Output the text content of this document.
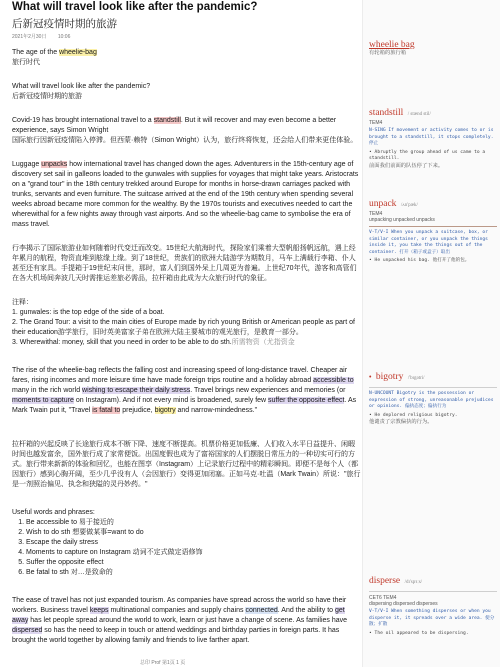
What will travel look like after the pandemic?
后新冠疫情时期的旅游
2021年2月30日 10:06
The age of the wheelie-bag
旅行时代
What will travel look like after the pandemic?
后新冠疫情时期的旅游
Covid-19 has brought international travel to a standstill. But it will recover and may even become a better experience, says Simon Wright
国际旅行因新冠疫情陷入停滞。但西蒙·赖特（Simon Wright）认为，旅行终将恢复，还会给人们带来更佳体验。
Luggage unpacks how international travel has changed down the ages. Adventurers in the 15th-century age of discovery set sail in galleons loaded to the gunwales with supplies for voyages that might take years. Aristocrats on a "grand tour" in the 18th century trekked around Europe for months in horse-drawn carriages packed with trunks, servants and even furniture. The suitcase arrived at the end of the 19th century when spending several weeks abroad became more common for the wealthy. By the 1970s tourists and executives needed to cart the wherewithal for a few nights away through vast airports. And so the wheelie-bag came to symbolise the era of mass travel.
行李揭示了国际旅游业如何随着时代变迁而改变。15世纪大航海时代，探险家们乘着大型帆船扬帆远航，遇上经年累月的航程，物资直堆到舷缘上缘。到了18世纪，贵族们的欧洲大陆游学为期数月，马车上满载行李箱、仆人甚至还有家具。手提箱于19世纪末问世，那时，富人们到国外呆上几周更为普遍。上世纪70年代，游客和高管们在各大机场间奔波几天时需推运差旅必需品，拉杆箱由此成为大众旅行时代的象征。
注释：
1. gunwales: is the top edge of the side of a boat.
2. The Grand Tour: a visit to the main cities of Europe made by rich young British or American people as part of their education游学旅行，旧时英美富家子弟在欧洲大陆主要城市的观光旅行，是教育一部分。
3. Wherewithal: money, skill that you need in order to be able to do sth.所需物资（尤指资金
The rise of the wheelie-bag reflects the falling cost and increasing speed of long-distance travel. Cheaper air fares, rising incomes and more leisure time have made foreign trips routine and a holiday abroad accessible to many in the rich world wishing to escape their daily stress. Travel brings new experiences and memories (or moments to capture on Instagram). And if not every mind is broadened, surely few suffer the opposite effect. As Mark Twain put it, "Travel is fatal to prejudice, bigotry and narrow-mindedness."
拉杆箱的兴起反映了长途旅行成本不断下降、速度不断提高。机票价格更加低廉、人们收入水平日益提升、闲暇时间也越发富余，国外旅行成了家常便饭。出国度假也成为了富裕国家的人们摆脱日常压力的一种切实可行的方式。旅行带来新新的体验和回忆，也能在图享（Instagram）上记录旅行过程中的精彩瞬间。即便不是每个人（都因旅行）感到心胸开阔，至少几乎没有人（会因旅行）变得更加闭塞。正如马克·吐温（Mark Twain）所说："旅行是一剂照治偏见、执念和狭隘的灵丹妙药。"
Useful words and phrases:
1. Be accessible to 易于接近的
2. Wish to do sth 想要做某事=want to do
3. Escape the daily stress
4. Moments to capture on Instagram 动词不定式做定语修饰
5. Suffer the opposite effect
6. Be fatal to sth 对…是致命的
The ease of travel has not just expanded tourism. As companies have spread across the world so have their workers. Business travel keeps multinational companies and supply chains connected. And the ability to get away has let people spread around the world to work, learn or just have a change of scene. As families have dispersed so has the need to keep in touch or attend weddings and birthday parties in foreign parts. It has brought the world together by allowing family and friends to live farther apart.
总印 Prof 第1页 1 页
wheelie bag
有轮箱的旅行箱
standstill / stænd stil/
TEM4
N-SING If movement or activity comes to or is brought to a standstill, it stops completely. 停止
• Abruptly the group ahead of us came to a standstill.
前面我们前面的队伍停了下来。
unpack /ʌn'pæk/
TEM4
unpacking unpacked unpacks
V-T/V-I When you unpack a suitcase, box, or similar container, or you unpack the things inside it, you take the things out of the container. 打开（箱子或盒子）取出
• He unpacked his bag. 他打开了他的包。
• bigotry /'bɪgətri/
N-UNCOUNT Bigotry is the possession or expression of strong, unreasonable prejudices or opinions. 偏执态度；偏执行为
• He deplored religious bigotry.
他谴责了宗教偏执的行为。
disperse /dɪ'spɜːs/
CET6 TEM4
dispersing dispersed disperses
V-T/V-I When something disperses or when you disperse it, it spreads over a wide area. 使分散；扩散
• The oil appeared to be dispersing.
